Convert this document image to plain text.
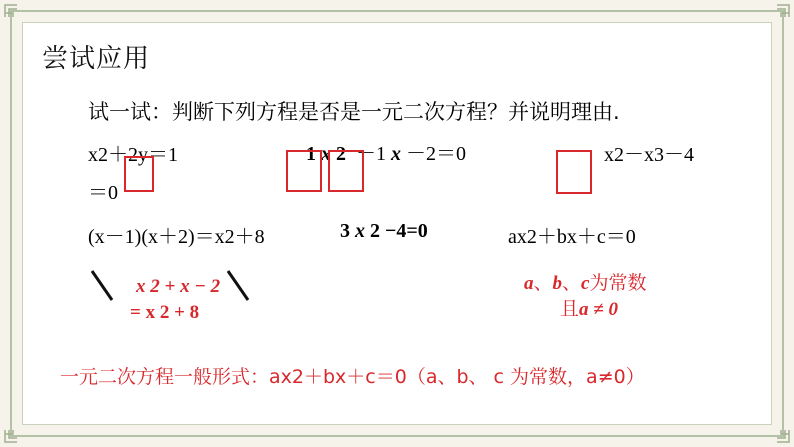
尝试应用
试一试：判断下列方程是否是一元二次方程？并说明理由.
x2＋2y＝1	1 x 2 －1 x －2＝0	x2－x3－4
＝0
(x－1)(x＋2)＝x2＋8	3 x 2 −4=0	ax2＋bx＋c＝0
x 2 + x − 2
= x 2 + 8
a、b、c为常数
且a ≠ 0
一元二次方程一般形式：ax2＋bx＋c＝0（a、b、 c 为常数，a≠0）
